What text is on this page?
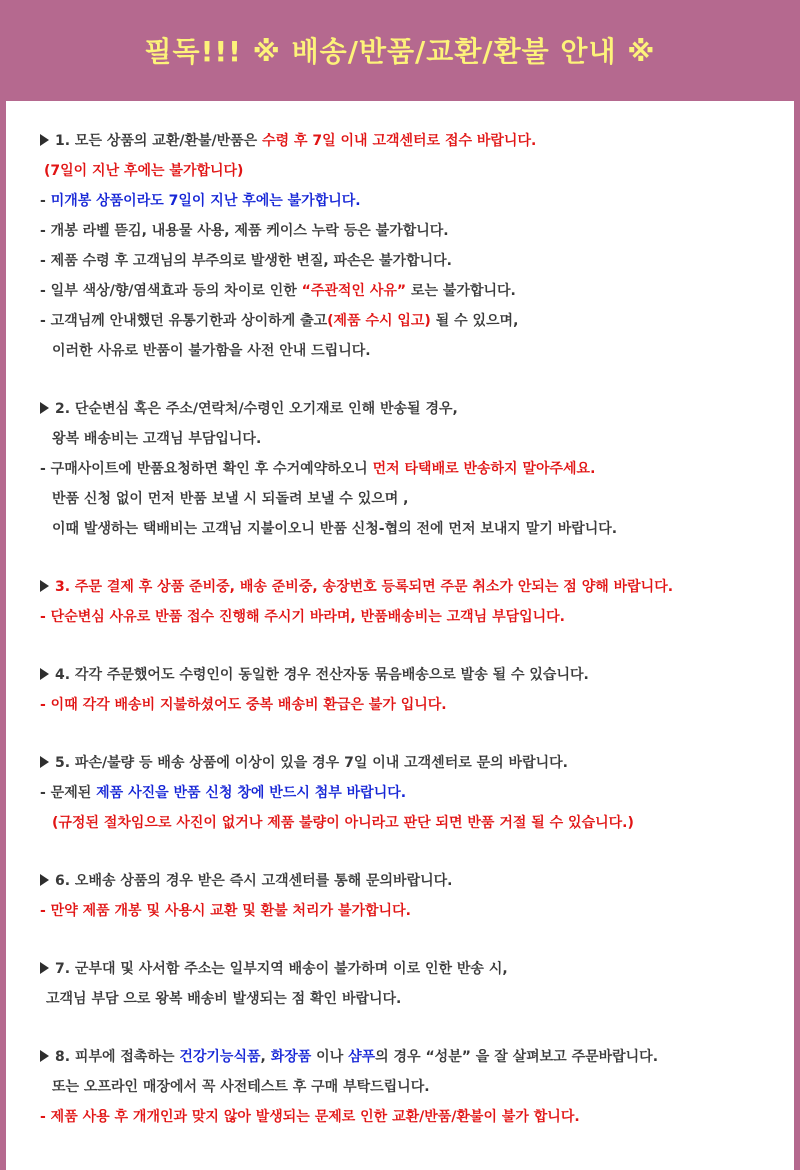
필독!!! ※ 배송/반품/교환/환불 안내 ※
1. 모든 상품의 교환/환불/반품은 수령 후 7일 이내 고객센터로 접수 바랍니다.
(7일이 지난 후에는 불가합니다)
- 미개봉 상품이라도 7일이 지난 후에는 불가합니다.
- 개봉 라벨 뜯김, 내용물 사용, 제품 케이스 누락 등은 불가합니다.
- 제품 수령 후 고객님의 부주의로 발생한 변질, 파손은 불가합니다.
- 일부 색상/향/염색효과 등의 차이로 인한 “주관적인 사유” 로는 불가합니다.
- 고객님께 안내했던 유통기한과 상이하게 출고(제품 수시 입고) 될 수 있으며,
이러한 사유로 반품이 불가함을 사전 안내 드립니다.
2. 단순변심 혹은 주소/연락처/수령인 오기재로 인해 반송될 경우,
왕복 배송비는 고객님 부담입니다.
- 구매사이트에 반품요청하면 확인 후 수거예약하오니 먼저 타택배로 반송하지 말아주세요.
반품 신청 없이 먼저 반품 보낼 시 되돌려 보낼 수 있으며 ,
이때 발생하는 택배비는 고객님 지불이오니 반품 신청-협의 전에 먼저 보내지 말기 바랍니다.
3. 주문 결제 후 상품 준비중, 배송 준비중, 송장번호 등록되면 주문 취소가 안되는 점 양해 바랍니다.
- 단순변심 사유로 반품 접수 진행해 주시기 바라며, 반품배송비는 고객님 부담입니다.
4. 각각 주문했어도 수령인이 동일한 경우 전산자동 묶음배송으로 발송 될 수 있습니다.
- 이때 각각 배송비 지불하셨어도 중복 배송비 환급은 불가 입니다.
5. 파손/불량 등 배송 상품에 이상이 있을 경우 7일 이내 고객센터로 문의 바랍니다.
- 문제된 제품 사진을 반품 신청 창에 반드시 첨부 바랍니다.
(규정된 절차임으로 사진이 없거나 제품 불량이 아니라고 판단 되면 반품 거절 될 수 있습니다.)
6. 오배송 상품의 경우 받은 즉시 고객센터를 통해 문의바랍니다.
- 만약 제품 개봉 및 사용시 교환 및 환불 처리가 불가합니다.
7. 군부대 및 사서함 주소는 일부지역 배송이 불가하며 이로 인한 반송 시,
고객님 부담 으로 왕복 배송비 발생되는 점 확인 바랍니다.
8. 피부에 접촉하는 건강기능식품, 화장품 이나 샴푸의 경우 “성분” 을 잘 살펴보고 주문바랍니다.
또는 오프라인 매장에서 꼭 사전테스트 후 구매 부탁드립니다.
- 제품 사용 후 개개인과 맞지 않아 발생되는 문제로 인한 교환/반품/환불이 불가 합니다.
